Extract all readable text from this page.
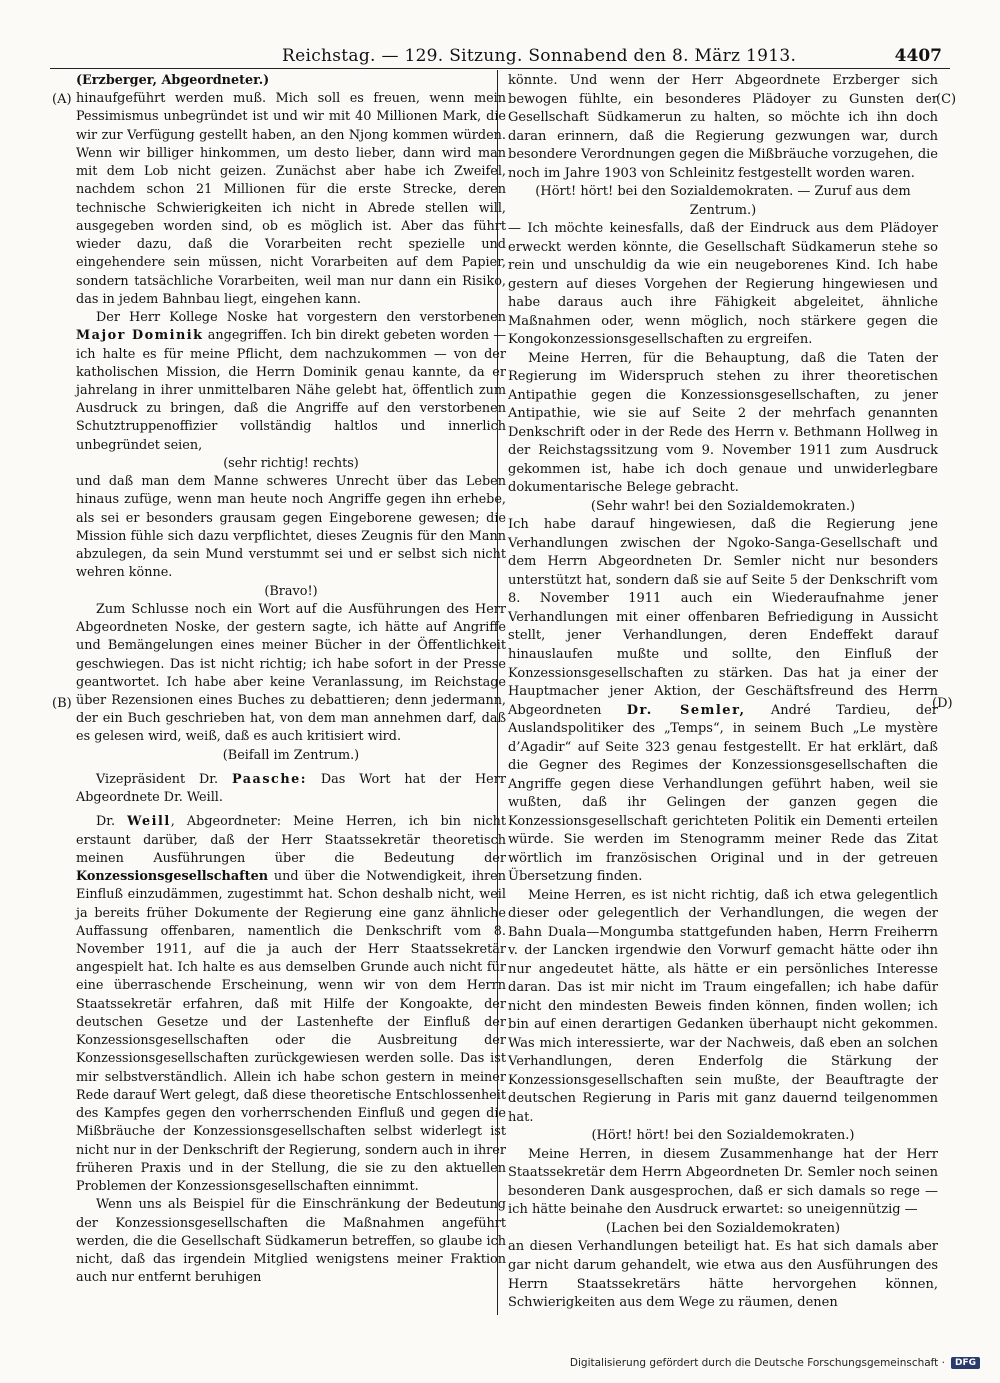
Reichstag. — 129. Sitzung. Sonnabend den 8. März 1913.	4407
(A)
(B)
(C)
(D)

(Erzberger, Abgeordneter.)

hinaufgeführt werden muß. Mich soll es freuen, wenn mein Pessimismus unbegründet ist und wir mit 40 Millionen Mark, die wir zur Verfügung gestellt haben, an den Njong kommen würden. Wenn wir billiger hinkommen, um desto lieber, dann wird man mit dem Lob nicht geizen. Zunächst aber habe ich Zweifel, nachdem schon 21 Millionen für die erste Strecke, deren technische Schwierigkeiten ich nicht in Abrede stellen will, ausgegeben worden sind, ob es möglich ist. Aber das führt wieder dazu, daß die Vorarbeiten recht spezielle und eingehendere sein müssen, nicht Vorarbeiten auf dem Papier, sondern tatsächliche Vorarbeiten, weil man nur dann ein Risiko, das in jedem Bahnbau liegt, eingehen kann.

Der Herr Kollege Noske hat vorgestern den verstorbenen Major Dominik angegriffen. Ich bin direkt gebeten worden — ich halte es für meine Pflicht, dem nachzukommen — von der katholischen Mission, die Herrn Dominik genau kannte, da er jahrelang in ihrer unmittelbaren Nähe gelebt hat, öffentlich zum Ausdruck zu bringen, daß die Angriffe auf den verstorbenen Schutztruppenoffizier vollständig haltlos und innerlich unbegründet seien,

(sehr richtig! rechts)

und daß man dem Manne schweres Unrecht über das Leben hinaus zufüge, wenn man heute noch Angriffe gegen ihn erhebe, als sei er besonders grausam gegen Eingeborene gewesen; die Mission fühle sich dazu verpflichtet, dieses Zeugnis für den Mann abzulegen, da sein Mund verstummt sei und er selbst sich nicht wehren könne.

(Bravo!)

Zum Schlusse noch ein Wort auf die Ausführungen des Herr Abgeordneten Noske, der gestern sagte, ich hätte auf Angriffe und Bemängelungen eines meiner Bücher in der Öffentlichkeit geschwiegen. Das ist nicht richtig; ich habe sofort in der Presse geantwortet. Ich habe aber keine Veranlassung, im Reichstage über Rezensionen eines Buches zu debattieren; denn jedermann, der ein Buch geschrieben hat, von dem man annehmen darf, daß es gelesen wird, weiß, daß es auch kritisiert wird.

(Beifall im Zentrum.)

Vizepräsident Dr. Paasche: Das Wort hat der Herr Abgeordnete Dr. Weill.

Dr. Weill, Abgeordneter: Meine Herren, ich bin nicht erstaunt darüber, daß der Herr Staatssekretär theoretisch meinen Ausführungen über die Bedeutung der Konzessionsgesellschaften und über die Notwendigkeit, ihren Einfluß einzudämmen, zugestimmt hat. Schon deshalb nicht, weil ja bereits früher Dokumente der Regierung eine ganz ähnliche Auffassung offenbaren, namentlich die Denkschrift vom 8. November 1911, auf die ja auch der Herr Staatssekretär angespielt hat. Ich halte es aus demselben Grunde auch nicht für eine überraschende Erscheinung, wenn wir von dem Herrn Staatssekretär erfahren, daß mit Hilfe der Kongoakte, der deutschen Gesetze und der Lastenhefte der Einfluß der Konzessionsgesellschaften oder die Ausbreitung der Konzessionsgesellschaften zurückgewiesen werden solle. Das ist mir selbstverständlich. Allein ich habe schon gestern in meiner Rede darauf Wert gelegt, daß diese theoretische Entschlossenheit des Kampfes gegen den vorherrschenden Einfluß und gegen die Mißbräuche der Konzessionsgesellschaften selbst widerlegt ist nicht nur in der Denkschrift der Regierung, sondern auch in ihrer früheren Praxis und in der Stellung, die sie zu den aktuellen Problemen der Konzessionsgesellschaften einnimmt.

Wenn uns als Beispiel für die Einschränkung der Bedeutung der Konzessionsgesellschaften die Maßnahmen angeführt werden, die die Gesellschaft Südkamerun betreffen, so glaube ich nicht, daß das irgendein Mitglied wenigstens meiner Fraktion auch nur entfernt beruhigen

könnte. Und wenn der Herr Abgeordnete Erzberger sich bewogen fühlte, ein besonderes Plädoyer zu Gunsten der Gesellschaft Südkamerun zu halten, so möchte ich ihn doch daran erinnern, daß die Regierung gezwungen war, durch besondere Verordnungen gegen die Mißbräuche vorzugehen, die noch im Jahre 1903 von Schleinitz festgestellt worden waren.

(Hört! hört! bei den Sozialdemokraten. — Zuruf aus dem Zentrum.)

— Ich möchte keinesfalls, daß der Eindruck aus dem Plädoyer erweckt werden könnte, die Gesellschaft Südkamerun stehe so rein und unschuldig da wie ein neugeborenes Kind. Ich habe gestern auf dieses Vorgehen der Regierung hingewiesen und habe daraus auch ihre Fähigkeit abgeleitet, ähnliche Maßnahmen oder, wenn möglich, noch stärkere gegen die Kongokonzessionsgesellschaften zu ergreifen.

Meine Herren, für die Behauptung, daß die Taten der Regierung im Widerspruch stehen zu ihrer theoretischen Antipathie gegen die Konzessionsgesellschaften, zu jener Antipathie, wie sie auf Seite 2 der mehrfach genannten Denkschrift oder in der Rede des Herrn v. Bethmann Hollweg in der Reichstagssitzung vom 9. November 1911 zum Ausdruck gekommen ist, habe ich doch genaue und unwiderlegbare dokumentarische Belege gebracht.

(Sehr wahr! bei den Sozialdemokraten.)

Ich habe darauf hingewiesen, daß die Regierung jene Verhandlungen zwischen der Ngoko-Sanga-Gesellschaft und dem Herrn Abgeordneten Dr. Semler nicht nur besonders unterstützt hat, sondern daß sie auf Seite 5 der Denkschrift vom 8. November 1911 auch ein Wiederaufnahme jener Verhandlungen mit einer offenbaren Befriedigung in Aussicht stellt, jener Verhandlungen, deren Endeffekt darauf hinauslaufen mußte und sollte, den Einfluß der Konzessionsgesellschaften zu stärken. Das hat ja einer der Hauptmacher jener Aktion, der Geschäftsfreund des Herrn Abgeordneten Dr. Semler, André Tardieu, der Auslandspolitiker des „Temps“, in seinem Buch „Le mystère d’Agadir“ auf Seite 323 genau festgestellt. Er hat erklärt, daß die Gegner des Regimes der Konzessionsgesellschaften die Angriffe gegen diese Verhandlungen geführt haben, weil sie wußten, daß ihr Gelingen der ganzen gegen die Konzessionsgesellschaft gerichteten Politik ein Dementi erteilen würde. Sie werden im Stenogramm meiner Rede das Zitat wörtlich im französischen Original und in der getreuen Übersetzung finden.

Meine Herren, es ist nicht richtig, daß ich etwa gelegentlich dieser oder gelegentlich der Verhandlungen, die wegen der Bahn Duala—Mongumba stattgefunden haben, Herrn Freiherrn v. der Lancken irgendwie den Vorwurf gemacht hätte oder ihn nur angedeutet hätte, als hätte er ein persönliches Interesse daran. Das ist mir nicht im Traum eingefallen; ich habe dafür nicht den mindesten Beweis finden können, finden wollen; ich bin auf einen derartigen Gedanken überhaupt nicht gekommen. Was mich interessierte, war der Nachweis, daß eben an solchen Verhandlungen, deren Enderfolg die Stärkung der Konzessionsgesellschaften sein mußte, der Beauftragte der deutschen Regierung in Paris mit ganz dauernd teilgenommen hat.

(Hört! hört! bei den Sozialdemokraten.)

Meine Herren, in diesem Zusammenhange hat der Herr Staatssekretär dem Herrn Abgeordneten Dr. Semler noch seinen besonderen Dank ausgesprochen, daß er sich damals so rege — ich hätte beinahe den Ausdruck erwartet: so uneigennützig —

(Lachen bei den Sozialdemokraten)

an diesen Verhandlungen beteiligt hat. Es hat sich damals aber gar nicht darum gehandelt, wie etwa aus den Ausführungen des Herrn Staatssekretärs hätte hervorgehen können, Schwierigkeiten aus dem Wege zu räumen, denen

Digitalisierung gefördert durch die Deutsche Forschungsgemeinschaft ·	DFG
